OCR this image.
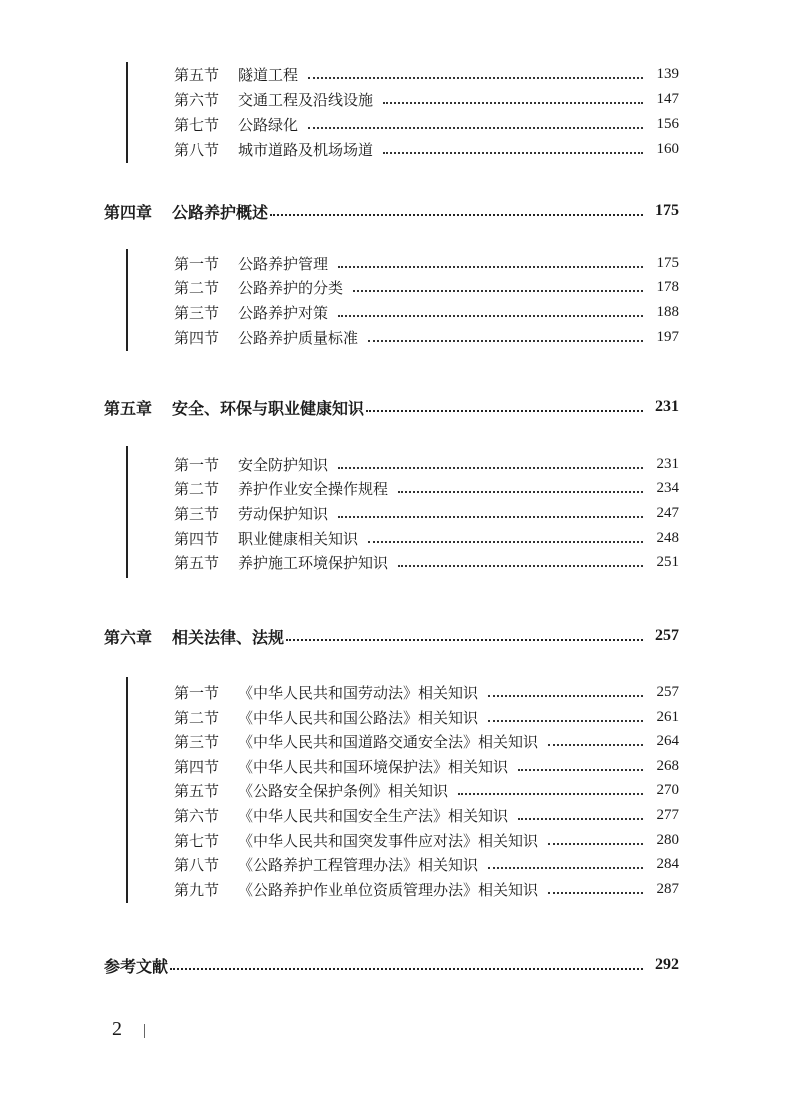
第五节	隧道工程	139
第六节	交通工程及沿线设施	147
第七节	公路绿化	156
第八节	城市道路及机场场道	160
第四章	公路养护概述	175
第一节	公路养护管理	175
第二节	公路养护的分类	178
第三节	公路养护对策	188
第四节	公路养护质量标准	197
第五章	安全、环保与职业健康知识	231
第一节	安全防护知识	231
第二节	养护作业安全操作规程	234
第三节	劳动保护知识	247
第四节	职业健康相关知识	248
第五节	养护施工环境保护知识	251
第六章	相关法律、法规	257
第一节	《中华人民共和国劳动法》相关知识	257
第二节	《中华人民共和国公路法》相关知识	261
第三节	《中华人民共和国道路交通安全法》相关知识	264
第四节	《中华人民共和国环境保护法》相关知识	268
第五节	《公路安全保护条例》相关知识	270
第六节	《中华人民共和国安全生产法》相关知识	277
第七节	《中华人民共和国突发事件应对法》相关知识	280
第八节	《公路养护工程管理办法》相关知识	284
第九节	《公路养护作业单位资质管理办法》相关知识	287
参考文献	292
2
